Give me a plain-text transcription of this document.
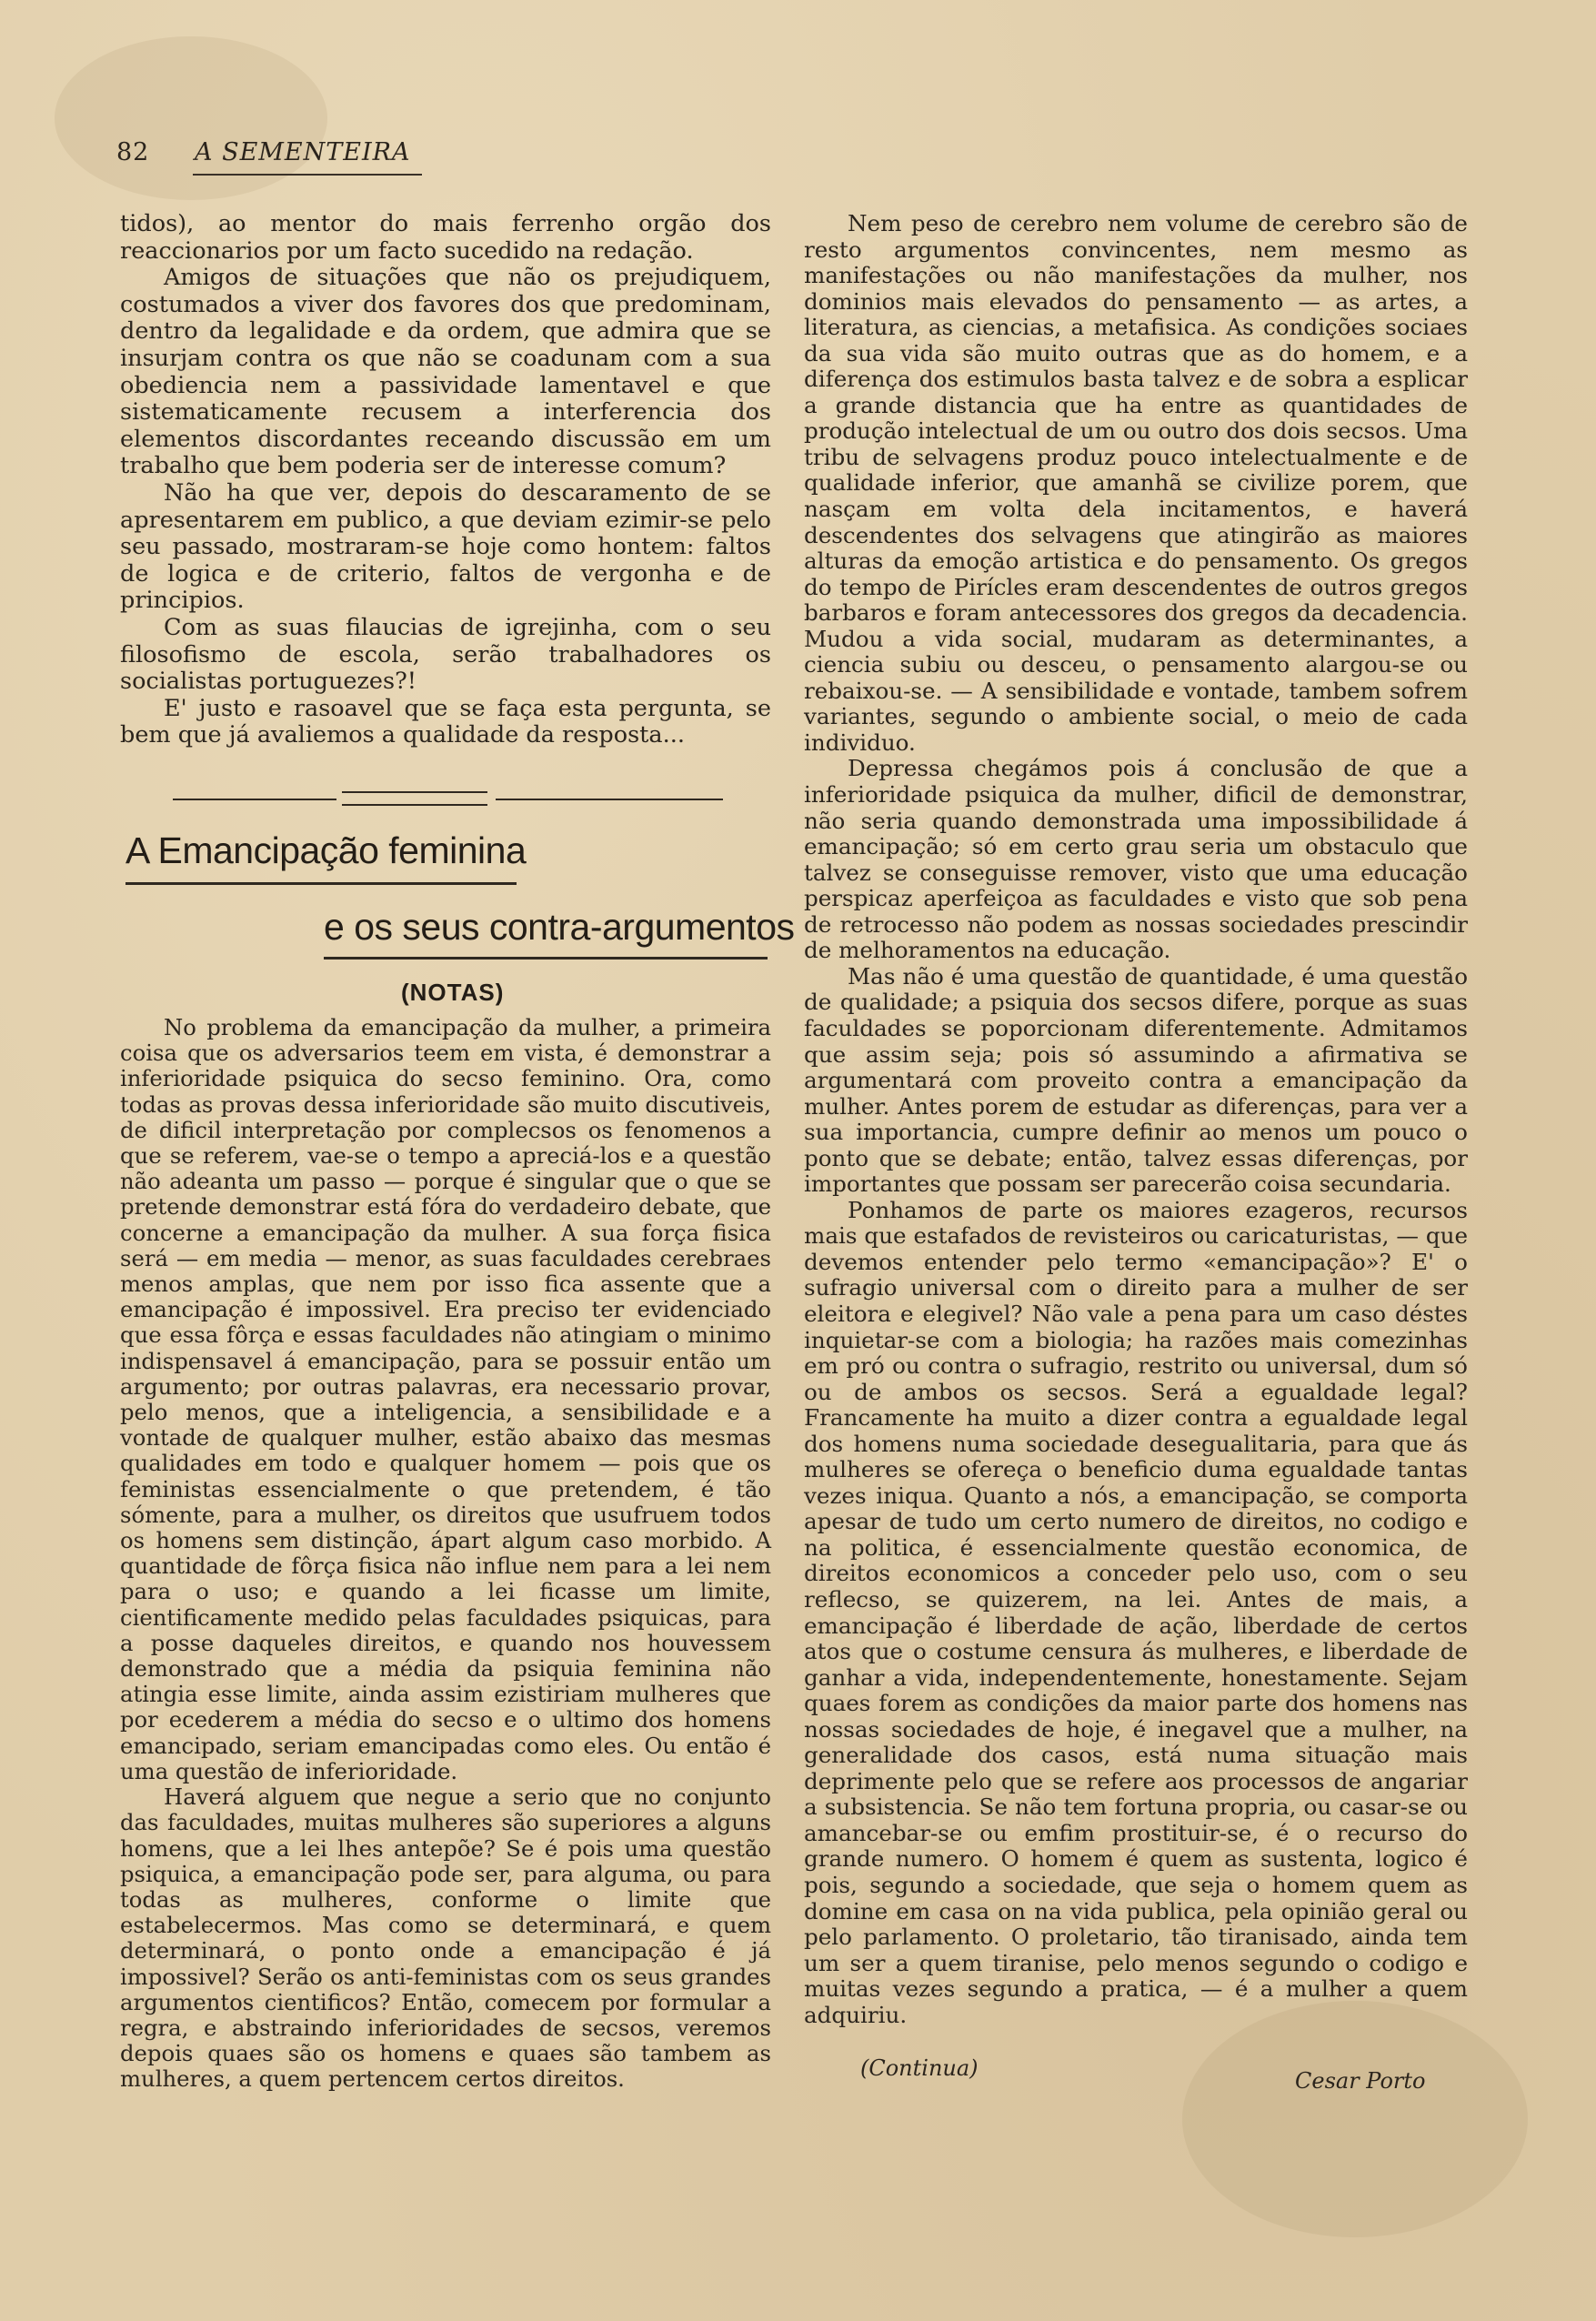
82 A SEMENTEIRA

tidos), ao mentor do mais ferrenho orgão dos reaccionarios por um facto sucedido na redação.

Amigos de situações que não os prejudiquem, costumados a viver dos favores dos que predominam, dentro da legalidade e da ordem, que admira que se insurjam contra os que não se coadunam com a sua obediencia nem a passividade lamentavel e que sistematicamente recusem a interferencia dos elementos discordantes receando discussão em um trabalho que bem poderia ser de interesse comum?

Não ha que ver, depois do descaramento de se apresentarem em publico, a que deviam ezimir-se pelo seu passado, mostraram-se hoje como hontem: faltos de logica e de criterio, faltos de vergonha e de principios.

Com as suas filaucias de igrejinha, com o seu filosofismo de escola, serão trabalhadores os socialistas portuguezes?!

E' justo e rasoavel que se faça esta pergunta, se bem que já avaliemos a qualidade da resposta...

A Emancipação feminina
e os seus contra-argumentos
(NOTAS)

No problema da emancipação da mulher, a primeira coisa que os adversarios teem em vista, é demonstrar a inferioridade psiquica do secso feminino. Ora, como todas as provas dessa inferioridade são muito discutiveis, de dificil interpretação por complecsos os fenomenos a que se referem, vae-se o tempo a apreciá-los e a questão não adeanta um passo — porque é singular que o que se pretende demonstrar está fóra do verdadeiro debate, que concerne a emancipação da mulher. A sua força fisica será — em media — menor, as suas faculdades cerebraes menos amplas, que nem por isso fica assente que a emancipação é impossivel. Era preciso ter evidenciado que essa fôrça e essas faculdades não atingiam o minimo indispensavel á emancipação, para se possuir então um argumento; por outras palavras, era necessario provar, pelo menos, que a inteligencia, a sensibilidade e a vontade de qualquer mulher, estão abaixo das mesmas qualidades em todo e qualquer homem — pois que os feministas essencialmente o que pretendem, é tão sómente, para a mulher, os direitos que usufruem todos os homens sem distinção, ápart algum caso morbido. A quantidade de fôrça fisica não influe nem para a lei nem para o uso; e quando a lei ficasse um limite, cientificamente medido pelas faculdades psiquicas, para a posse daqueles direitos, e quando nos houvessem demonstrado que a média da psiquia feminina não atingia esse limite, ainda assim ezistiriam mulheres que por ecederem a média do secso e o ultimo dos homens emancipado, seriam emancipadas como eles. Ou então é uma questão de inferioridade.

Haverá alguem que negue a serio que no conjunto das faculdades, muitas mulheres são superiores a alguns homens, que a lei lhes antepõe? Se é pois uma questão psiquica, a emancipação pode ser, para alguma, ou para todas as mulheres, conforme o limite que estabelecermos. Mas como se determinará, e quem determinará, o ponto onde a emancipação é já impossivel? Serão os anti-feministas com os seus grandes argumentos cientificos? Então, comecem por formular a regra, e abstraindo inferioridades de secsos, veremos depois quaes são os homens e quaes são tambem as mulheres, a quem pertencem certos direitos.

Nem peso de cerebro nem volume de cerebro são de resto argumentos convincentes, nem mesmo as manifestações ou não manifestações da mulher, nos dominios mais elevados do pensamento — as artes, a literatura, as ciencias, a metafisica. As condições sociaes da sua vida são muito outras que as do homem, e a diferença dos estimulos basta talvez e de sobra a esplicar a grande distancia que ha entre as quantidades de produção intelectual de um ou outro dos dois secsos. Uma tribu de selvagens produz pouco intelectualmente e de qualidade inferior, que amanhã se civilize porem, que nasçam em volta dela incitamentos, e haverá descendentes dos selvagens que atingirão as maiores alturas da emoção artistica e do pensamento. Os gregos do tempo de Pirícles eram descendentes de outros gregos barbaros e foram antecessores dos gregos da decadencia. Mudou a vida social, mudaram as determinantes, a ciencia subiu ou desceu, o pensamento alargou-se ou rebaixou-se. — A sensibilidade e vontade, tambem sofrem variantes, segundo o ambiente social, o meio de cada individuo.

Depressa chegámos pois á conclusão de que a inferioridade psiquica da mulher, dificil de demonstrar, não seria quando demonstrada uma impossibilidade á emancipação; só em certo grau seria um obstaculo que talvez se conseguisse remover, visto que uma educação perspicaz aperfeiçoa as faculdades e visto que sob pena de retrocesso não podem as nossas sociedades prescindir de melhoramentos na educação.

Mas não é uma questão de quantidade, é uma questão de qualidade; a psiquia dos secsos difere, porque as suas faculdades se poporcionam diferentemente. Admitamos que assim seja; pois só assumindo a afirmativa se argumentará com proveito contra a emancipação da mulher. Antes porem de estudar as diferenças, para ver a sua importancia, cumpre definir ao menos um pouco o ponto que se debate; então, talvez essas diferenças, por importantes que possam ser parecerão coisa secundaria.

Ponhamos de parte os maiores ezageros, recursos mais que estafados de revisteiros ou caricaturistas, — que devemos entender pelo termo «emancipação»? E' o sufragio universal com o direito para a mulher de ser eleitora e elegivel? Não vale a pena para um caso déstes inquietar-se com a biologia; ha razões mais comezinhas em pró ou contra o sufragio, restrito ou universal, dum só ou de ambos os secsos. Será a egualdade legal? Francamente ha muito a dizer contra a egualdade legal dos homens numa sociedade desegualitaria, para que ás mulheres se ofereça o beneficio duma egualdade tantas vezes iniqua. Quanto a nós, a emancipação, se comporta apesar de tudo um certo numero de direitos, no codigo e na politica, é essencialmente questão economica, de direitos economicos a conceder pelo uso, com o seu reflecso, se quizerem, na lei. Antes de mais, a emancipação é liberdade de ação, liberdade de certos atos que o costume censura ás mulheres, e liberdade de ganhar a vida, independentemente, honestamente. Sejam quaes forem as condições da maior parte dos homens nas nossas sociedades de hoje, é inegavel que a mulher, na generalidade dos casos, está numa situação mais deprimente pelo que se refere aos processos de angariar a subsistencia. Se não tem fortuna propria, ou casar-se ou amancebar-se ou emfim prostituir-se, é o recurso do grande numero. O homem é quem as sustenta, logico é pois, segundo a sociedade, que seja o homem quem as domine em casa on na vida publica, pela opinião geral ou pelo parlamento. O proletario, tão tiranisado, ainda tem um ser a quem tiranise, pelo menos segundo o codigo e muitas vezes segundo a pratica, — é a mulher a quem adquiriu.

(Continua)	Cesar Porto
